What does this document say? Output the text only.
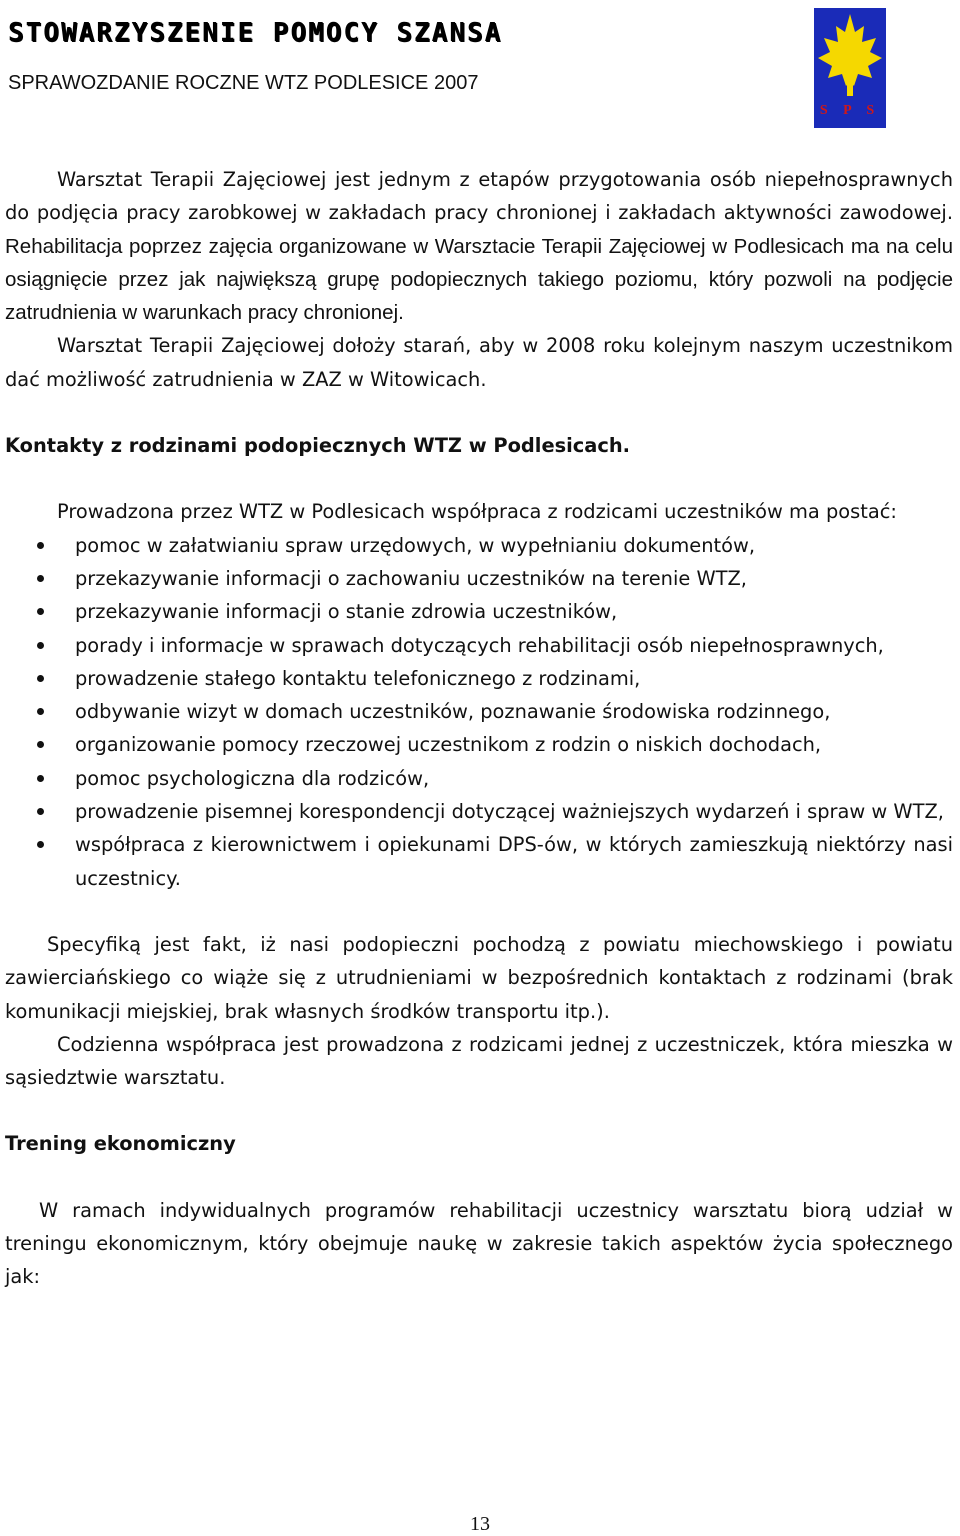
STOWARZYSZENIE POMOCY SZANSA
SPRAWOZDANIE ROCZNE WTZ PODLESICE 2007
S P S

Warsztat Terapii Zajęciowej jest jednym z etapów przygotowania osób niepełnosprawnych do podjęcia pracy zarobkowej w zakładach pracy chronionej i zakładach aktywności zawodowej. Rehabilitacja poprzez zajęcia organizowane w Warsztacie Terapii Zajęciowej w Podlesicach ma na celu osiągnięcie przez jak największą grupę podopiecznych takiego poziomu, który pozwoli na podjęcie zatrudnienia w warunkach pracy chronionej.

Warsztat Terapii Zajęciowej dołoży starań, aby w 2008 roku kolejnym naszym uczestnikom dać możliwość zatrudnienia w ZAZ w Witowicach.

Kontakty z rodzinami podopiecznych WTZ w Podlesicach.

Prowadzona przez WTZ w Podlesicach współpraca z rodzicami uczestników ma postać:

pomoc w załatwianiu spraw urzędowych, w wypełnianiu dokumentów,
przekazywanie informacji o zachowaniu uczestników na terenie WTZ,
przekazywanie informacji o stanie zdrowia uczestników,
porady i informacje w sprawach dotyczących rehabilitacji osób niepełnosprawnych,
prowadzenie stałego kontaktu telefonicznego z rodzinami,
odbywanie wizyt w domach uczestników, poznawanie środowiska rodzinnego,
organizowanie pomocy rzeczowej uczestnikom z rodzin o niskich dochodach,
pomoc psychologiczna dla rodziców,
prowadzenie pisemnej korespondencji dotyczącej ważniejszych wydarzeń i spraw w WTZ,
współpraca z kierownictwem i opiekunami DPS-ów, w których zamieszkują niektórzy nasi uczestnicy.

Specyfiką jest fakt, iż nasi podopieczni pochodzą z powiatu miechowskiego i powiatu zawierciańskiego co wiąże się z utrudnieniami w bezpośrednich kontaktach z rodzinami (brak komunikacji miejskiej, brak własnych środków transportu itp.).

Codzienna współpraca jest prowadzona z rodzicami jednej z uczestniczek, która mieszka w sąsiedztwie warsztatu.

Trening ekonomiczny

W ramach indywidualnych programów rehabilitacji uczestnicy warsztatu biorą udział w treningu ekonomicznym, który obejmuje naukę w zakresie takich aspektów życia społecznego jak:

13
